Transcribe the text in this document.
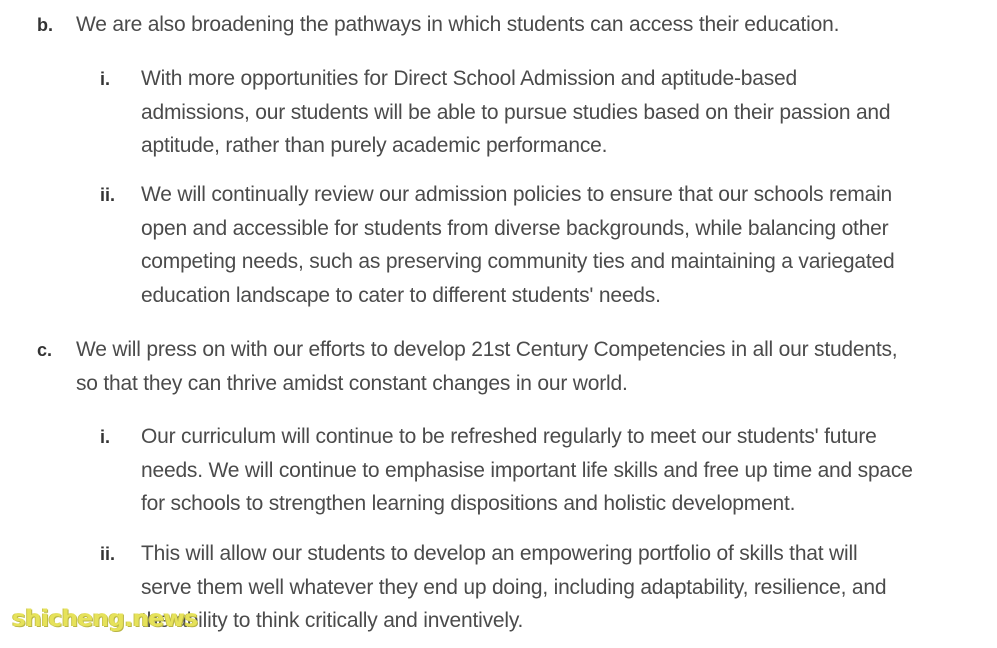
b. We are also broadening the pathways in which students can access their education.

i. With more opportunities for Direct School Admission and aptitude-based
admissions, our students will be able to pursue studies based on their passion and
aptitude, rather than purely academic performance.
ii. We will continually review our admission policies to ensure that our schools remain
open and accessible for students from diverse backgrounds, while balancing other
competing needs, such as preserving community ties and maintaining a variegated
education landscape to cater to different students' needs.
c. We will press on with our efforts to develop 21st Century Competencies in all our students,
so that they can thrive amidst constant changes in our world.
i. Our curriculum will continue to be refreshed regularly to meet our students' future
needs. We will continue to emphasise important life skills and free up time and space
for schools to strengthen learning dispositions and holistic development.
ii. This will allow our students to develop an empowering portfolio of skills that will
serve them well whatever they end up doing, including adaptability, resilience, and
the ability to think critically and inventively.
shicheng.news
